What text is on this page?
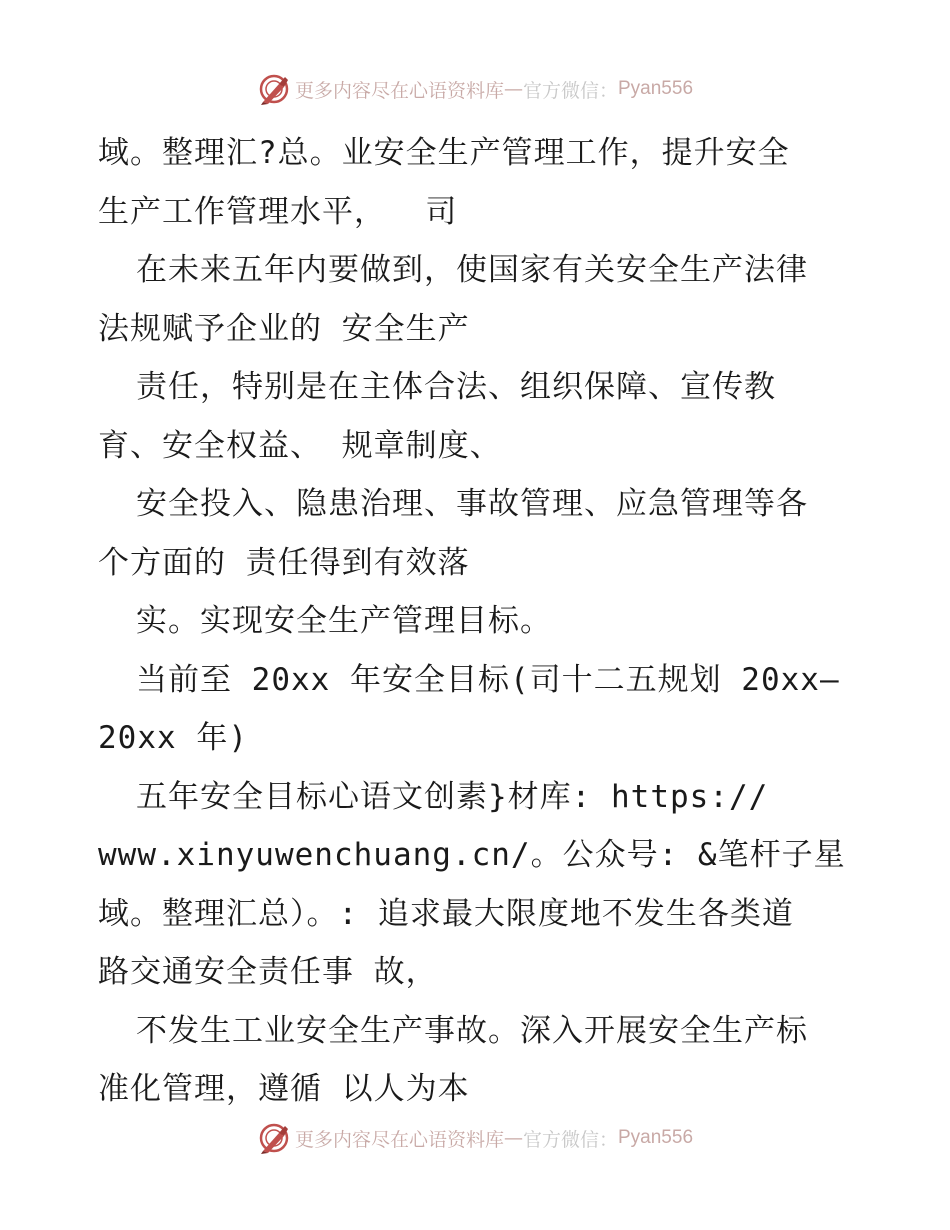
更多内容尽在心语资料库 — 官方微信： Pyan556
域。整理汇?总。业安全生产管理工作，提升安全
生产工作管理水平，  司
在未来五年内要做到，使国家有关安全生产法律
法规赋予企业的 安全生产
责任，特别是在主体合法、组织保障、宣传教
育、安全权益、 规章制度、
安全投入、隐患治理、事故管理、应急管理等各
个方面的 责任得到有效落
实。实现安全生产管理目标。
当前至 20xx 年安全目标(司十二五规划 20xx—
20xx 年)
五年安全目标心语文创素}材库: https://
www.xinyuwenchuang.cn/。公众号: &笔杆子星
域。整理汇总）。: 追求最大限度地不发生各类道
路交通安全责任事 故，
不发生工业安全生产事故。深入开展安全生产标
准化管理，遵循 以人为本
更多内容尽在心语资料库 — 官方微信： Pyan556
